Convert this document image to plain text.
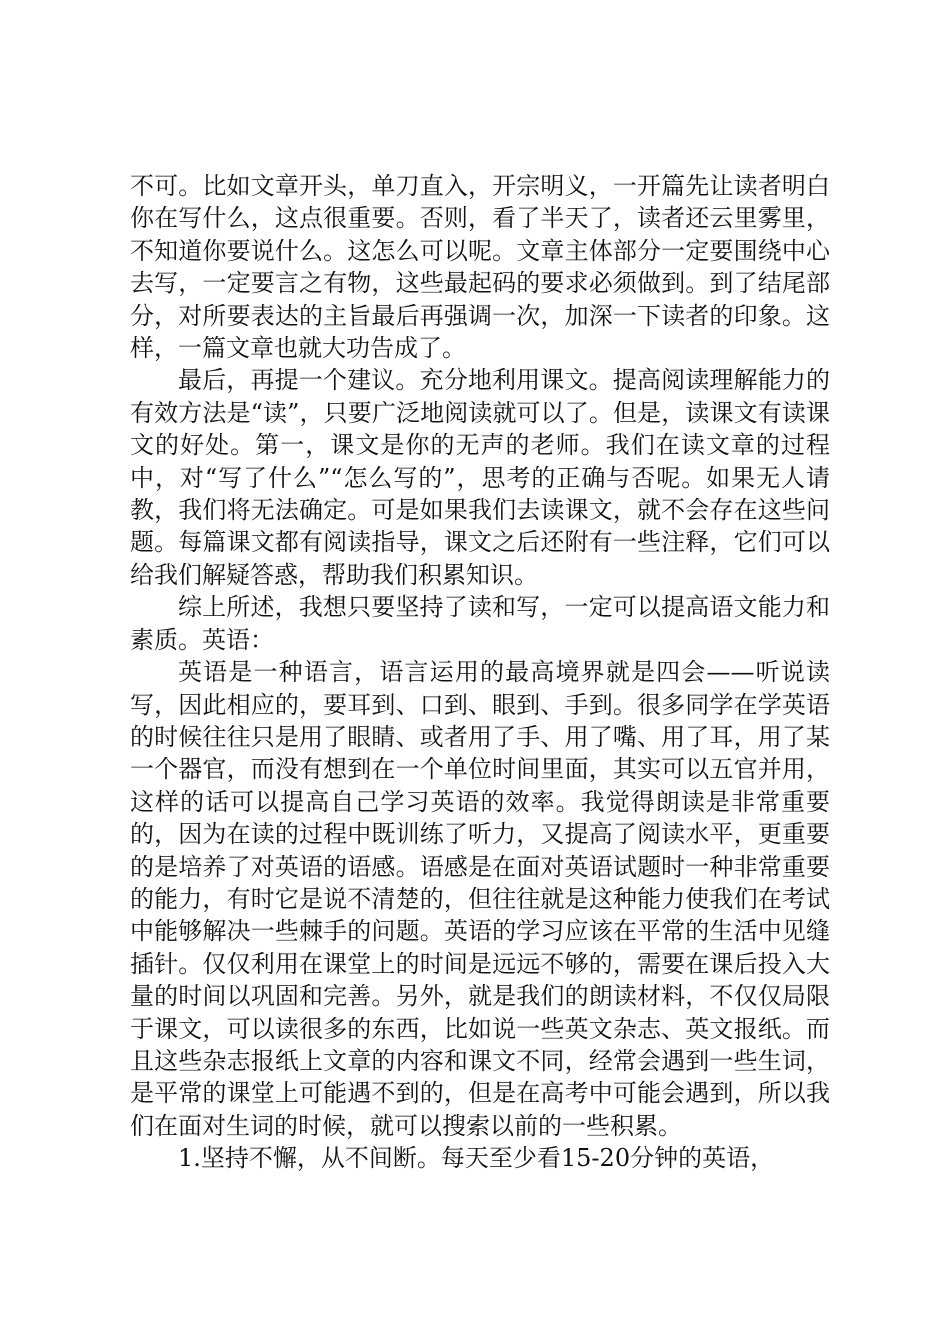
不可。比如文章开头，单刀直入，开宗明义，一开篇先让读者明白你在写什么，这点很重要。否则，看了半天了，读者还云里雾里，不知道你要说什么。这怎么可以呢。文章主体部分一定要围绕中心去写，一定要言之有物，这些最起码的要求必须做到。到了结尾部分，对所要表达的主旨最后再强调一次，加深一下读者的印象。这样，一篇文章也就大功告成了。

最后，再提一个建议。充分地利用课文。提高阅读理解能力的有效方法是“读”，只要广泛地阅读就可以了。但是，读课文有读课文的好处。第一，课文是你的无声的老师。我们在读文章的过程中，对“写了什么”“怎么写的”，思考的正确与否呢。如果无人请教，我们将无法确定。可是如果我们去读课文，就不会存在这些问题。每篇课文都有阅读指导，课文之后还附有一些注释，它们可以给我们解疑答惑，帮助我们积累知识。

综上所述，我想只要坚持了读和写，一定可以提高语文能力和素质。英语：

英语是一种语言，语言运用的最高境界就是四会——听说读写，因此相应的，要耳到、口到、眼到、手到。很多同学在学英语的时候往往只是用了眼睛、或者用了手、用了嘴、用了耳，用了某一个器官，而没有想到在一个单位时间里面，其实可以五官并用，这样的话可以提高自己学习英语的效率。我觉得朗读是非常重要的，因为在读的过程中既训练了听力，又提高了阅读水平，更重要的是培养了对英语的语感。语感是在面对英语试题时一种非常重要的能力，有时它是说不清楚的，但往往就是这种能力使我们在考试中能够解决一些棘手的问题。英语的学习应该在平常的生活中见缝插针。仅仅利用在课堂上的时间是远远不够的，需要在课后投入大量的时间以巩固和完善。另外，就是我们的朗读材料，不仅仅局限于课文，可以读很多的东西，比如说一些英文杂志、英文报纸。而且这些杂志报纸上文章的内容和课文不同，经常会遇到一些生词，是平常的课堂上可能遇不到的，但是在高考中可能会遇到，所以我们在面对生词的时候，就可以搜索以前的一些积累。

1.坚持不懈，从不间断。每天至少看15-20分钟的英语，
